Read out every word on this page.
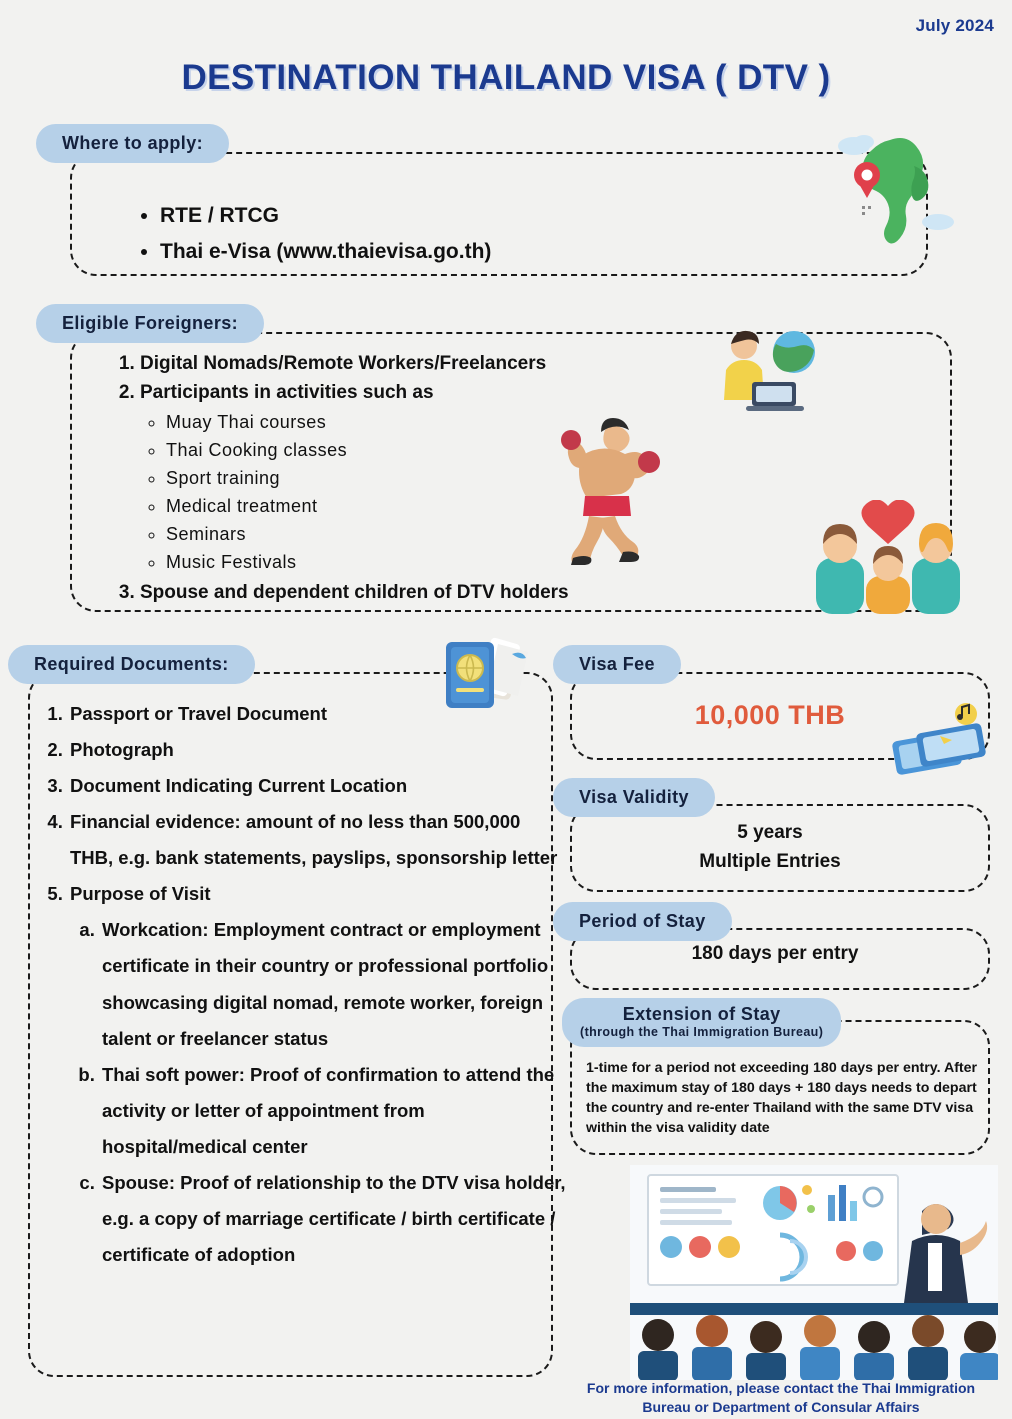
July 2024
DESTINATION THAILAND VISA ( DTV )
Where to apply:
• RTE / RTCG
• Thai e-Visa (www.thaievisa.go.th)
Eligible Foreigners:
1. Digital Nomads/Remote Workers/Freelancers
2. Participants in activities such as
◦ Muay Thai courses
◦ Thai Cooking classes
◦ Sport training
◦ Medical treatment
◦ Seminars
◦ Music Festivals
3. Spouse and dependent children of DTV holders
Required Documents:
1. Passport or Travel Document
2. Photograph
3. Document Indicating Current Location
4. Financial evidence: amount of no less than 500,000 THB, e.g. bank statements, payslips, sponsorship letter
5. Purpose of Visit
a. Workcation: Employment contract or employment certificate in their country or professional portfolio showcasing digital nomad, remote worker, foreign talent or freelancer status
b. Thai soft power: Proof of confirmation to attend the activity or letter of appointment from hospital/medical center
c. Spouse: Proof of relationship to the DTV visa holder, e.g. a copy of marriage certificate / birth certificate / certificate of adoption
Visa Fee
10,000 THB
Visa Validity
5 years
Multiple Entries
Period of Stay
180 days per entry
Extension of Stay
(through the Thai Immigration Bureau)
1-time for a period not exceeding 180 days per entry. After the maximum stay of 180 days + 180 days needs to depart the country and re-enter Thailand with the same DTV visa within the visa validity date
For more information, please contact the Thai Immigration Bureau or Department of Consular Affairs
